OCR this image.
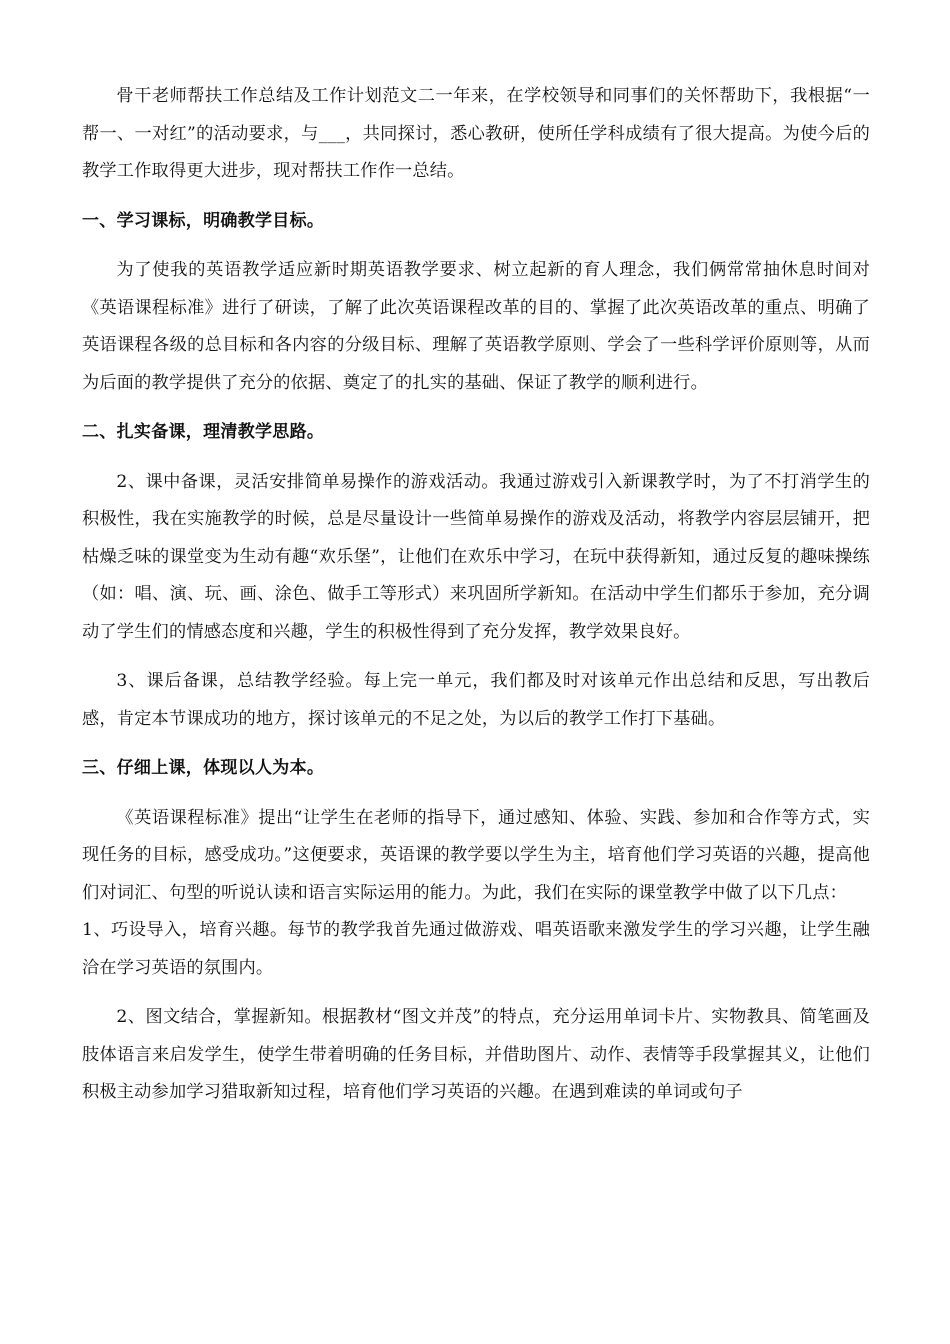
骨干老师帮扶工作总结及工作计划范文二一年来，在学校领导和同事们的关怀帮助下，我根据“一帮一、一对红”的活动要求，与___，共同探讨，悉心教研，使所任学科成绩有了很大提高。为使今后的教学工作取得更大进步，现对帮扶工作作一总结。

一、学习课标，明确教学目标。

为了使我的英语教学适应新时期英语教学要求、树立起新的育人理念，我们俩常常抽休息时间对《英语课程标准》进行了研读，了解了此次英语课程改革的目的、掌握了此次英语改革的重点、明确了英语课程各级的总目标和各内容的分级目标、理解了英语教学原则、学会了一些科学评价原则等，从而为后面的教学提供了充分的依据、奠定了的扎实的基础、保证了教学的顺利进行。

二、扎实备课，理清教学思路。

2、课中备课，灵活安排简单易操作的游戏活动。我通过游戏引入新课教学时，为了不打消学生的积极性，我在实施教学的时候，总是尽量设计一些简单易操作的游戏及活动，将教学内容层层铺开，把枯燥乏味的课堂变为生动有趣“欢乐堡”，让他们在欢乐中学习，在玩中获得新知，通过反复的趣味操练（如：唱、演、玩、画、涂色、做手工等形式）来巩固所学新知。在活动中学生们都乐于参加，充分调动了学生们的情感态度和兴趣，学生的积极性得到了充分发挥，教学效果良好。

3、课后备课，总结教学经验。每上完一单元，我们都及时对该单元作出总结和反思，写出教后感，肯定本节课成功的地方，探讨该单元的不足之处，为以后的教学工作打下基础。

三、仔细上课，体现以人为本。

《英语课程标准》提出“让学生在老师的指导下，通过感知、体验、实践、参加和合作等方式，实现任务的目标，感受成功。”这便要求，英语课的教学要以学生为主，培育他们学习英语的兴趣，提高他们对词汇、句型的听说认读和语言实际运用的能力。为此，我们在实际的课堂教学中做了以下几点：

1、巧设导入，培育兴趣。每节的教学我首先通过做游戏、唱英语歌来激发学生的学习兴趣，让学生融洽在学习英语的氛围内。

2、图文结合，掌握新知。根据教材“图文并茂”的特点，充分运用单词卡片、实物教具、简笔画及肢体语言来启发学生，使学生带着明确的任务目标，并借助图片、动作、表情等手段掌握其义，让他们积极主动参加学习猎取新知过程，培育他们学习英语的兴趣。在遇到难读的单词或句子
